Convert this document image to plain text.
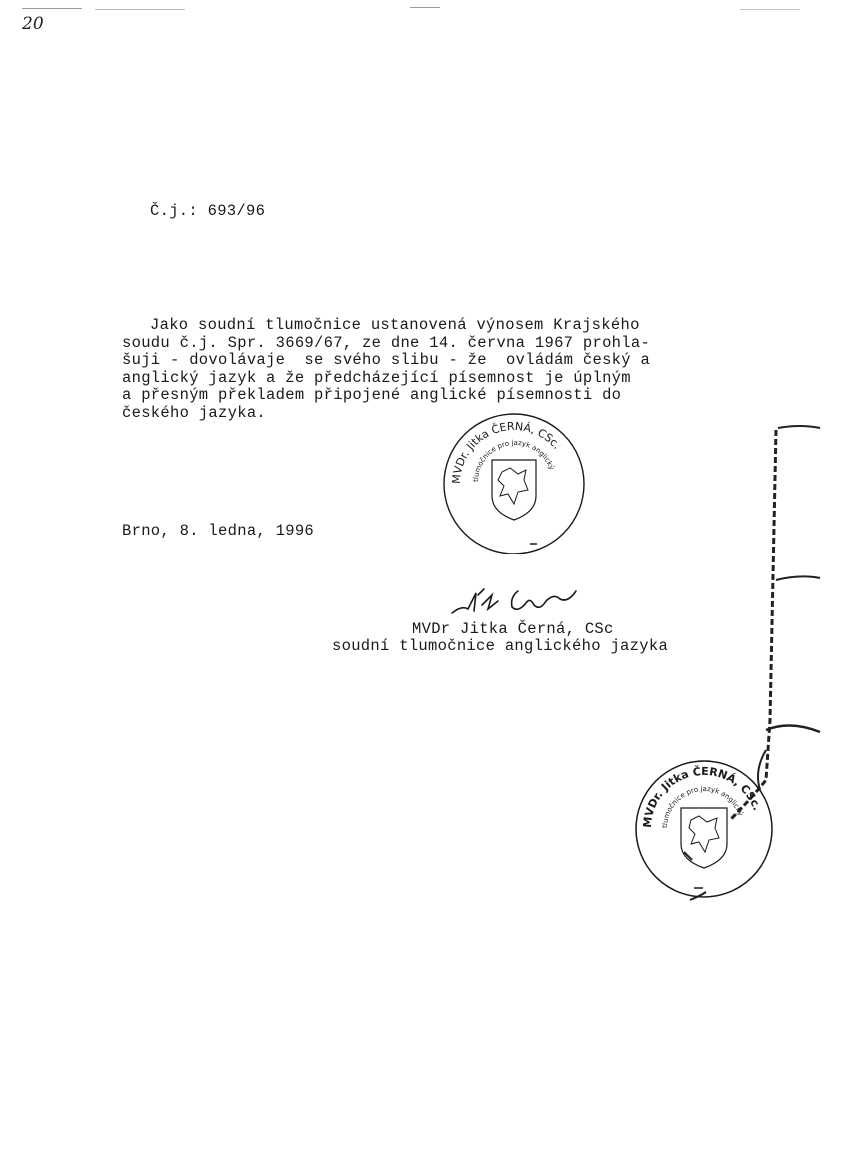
20
Č.j.: 693/96
Jako soudní tlumočnice ustanovená výnosem Krajského
soudu č.j. Spr. 3669/67, ze dne 14. června 1967 prohla-
šuji - dovolávaje  se svého slibu - že  ovládám český a
anglický jazyk a že předcházející písemnost je úplným
a přesným překladem připojené anglické písemnosti do
českého jazyka.
Brno, 8. ledna, 1996
MVDr. Jitka ČERNÁ, CSc.
tlumočnice pro jazyk anglický
MVDr Jitka Černá, CSc
soudní tlumočnice anglického jazyka
MVDr. Jitka ČERNÁ, CSc.
tlumočnice pro jazyk anglický
